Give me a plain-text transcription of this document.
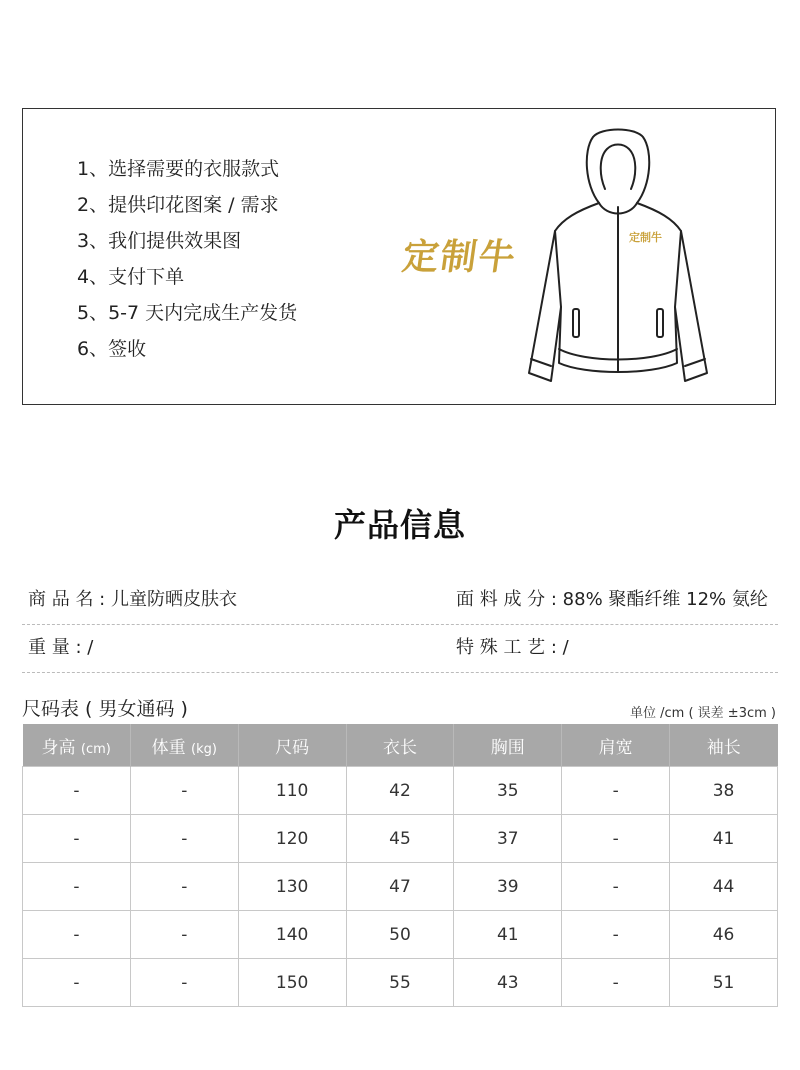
1、选择需要的衣服款式
2、提供印花图案 / 需求
3、我们提供效果图
4、支付下单
5、5-7 天内完成生产发货
6、签收
定制牛	定制牛
产品信息
商 品 名 : 儿童防晒皮肤衣	面 料 成 分 : 88% 聚酯纤维 12% 氨纶
重 量 : /	特 殊 工 艺 : /
尺码表 ( 男女通码 )	单位 /cm ( 误差 ±3cm )
身高 (cm)	体重 (kg)	尺码	衣长	胸围	肩宽	袖长
-	-	110	42	35	-	38
-	-	120	45	37	-	41
-	-	130	47	39	-	44
-	-	140	50	41	-	46
-	-	150	55	43	-	51
